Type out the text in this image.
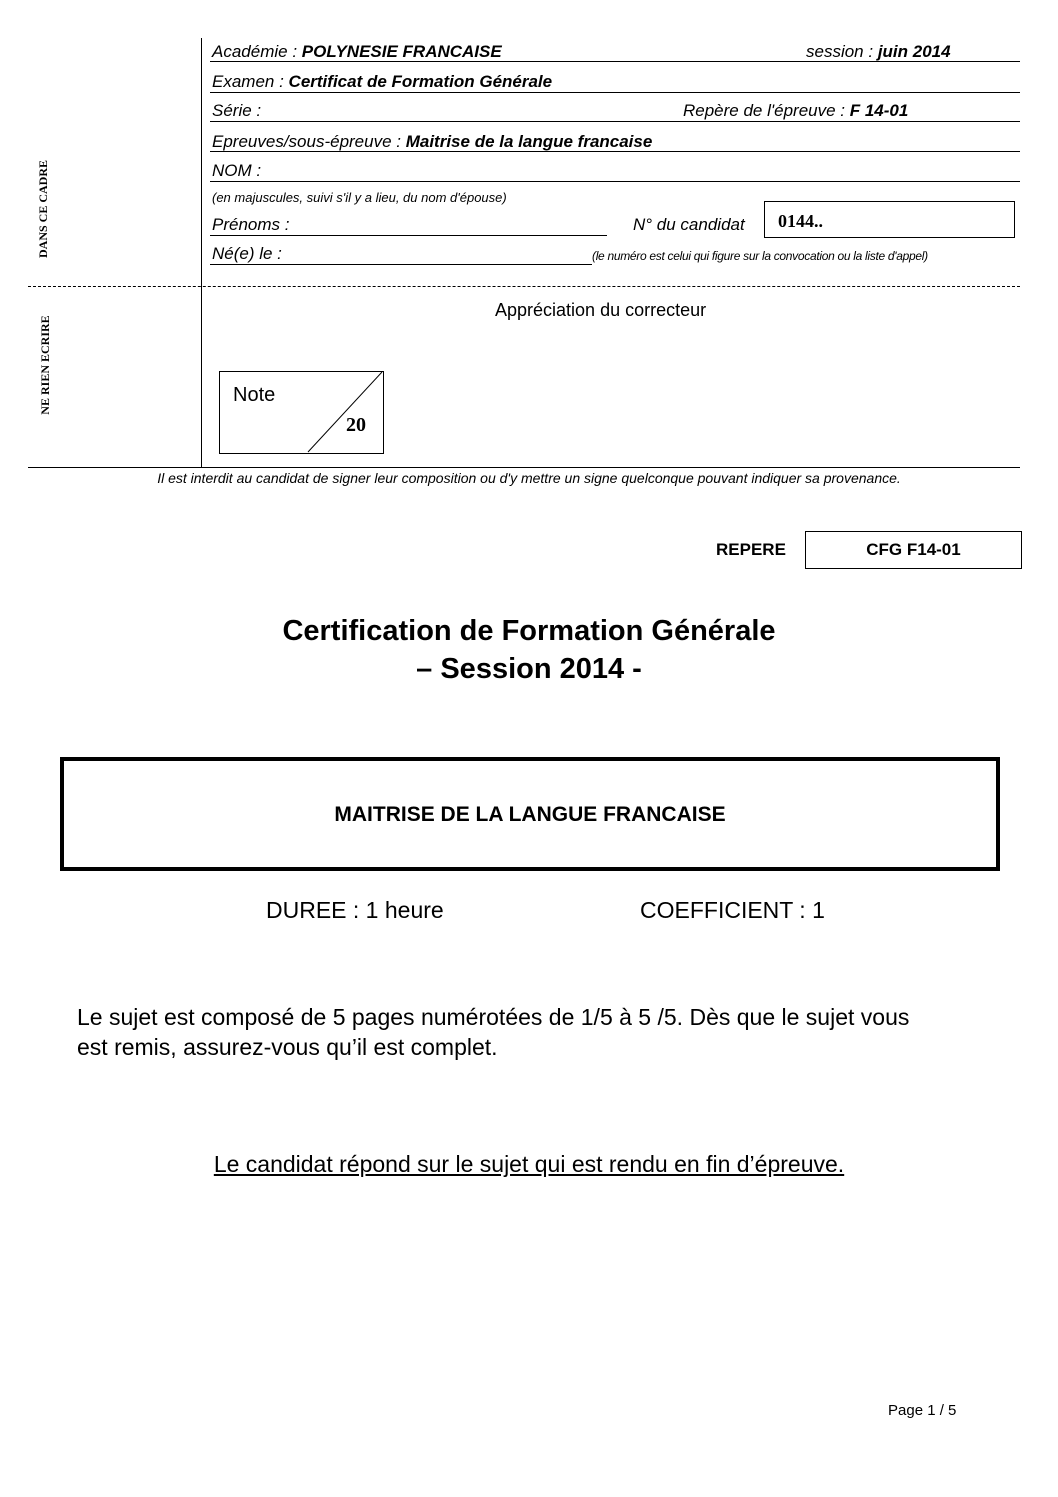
DANS CE CADRE
NE RIEN ECRIRE
Académie : POLYNESIE FRANCAISE	session : juin 2014
Examen : Certificat de Formation Générale
Série :	Repère de l'épreuve : F 14-01
Epreuves/sous-épreuve : Maitrise de la langue francaise
NOM :
(en majuscules, suivi s'il y a lieu, du nom d'épouse)
Prénoms :	N° du candidat 0144..
Né(e) le :	(le numéro est celui qui figure sur la convocation ou la liste d'appel)
Appréciation du correcteur
Note
20
Il est interdit au candidat de signer leur composition ou d'y mettre un signe quelconque pouvant indiquer sa provenance.
REPERE	CFG F14-01
Certification de Formation Générale
– Session 2014 -
MAITRISE DE LA LANGUE FRANCAISE
DUREE : 1 heure	COEFFICIENT : 1
Le sujet est composé de 5 pages numérotées de 1/5 à 5 /5. Dès que le sujet vous
est remis, assurez-vous qu’il est complet.
Le candidat répond sur le sujet qui est rendu en fin d’épreuve.
Page 1 / 5
